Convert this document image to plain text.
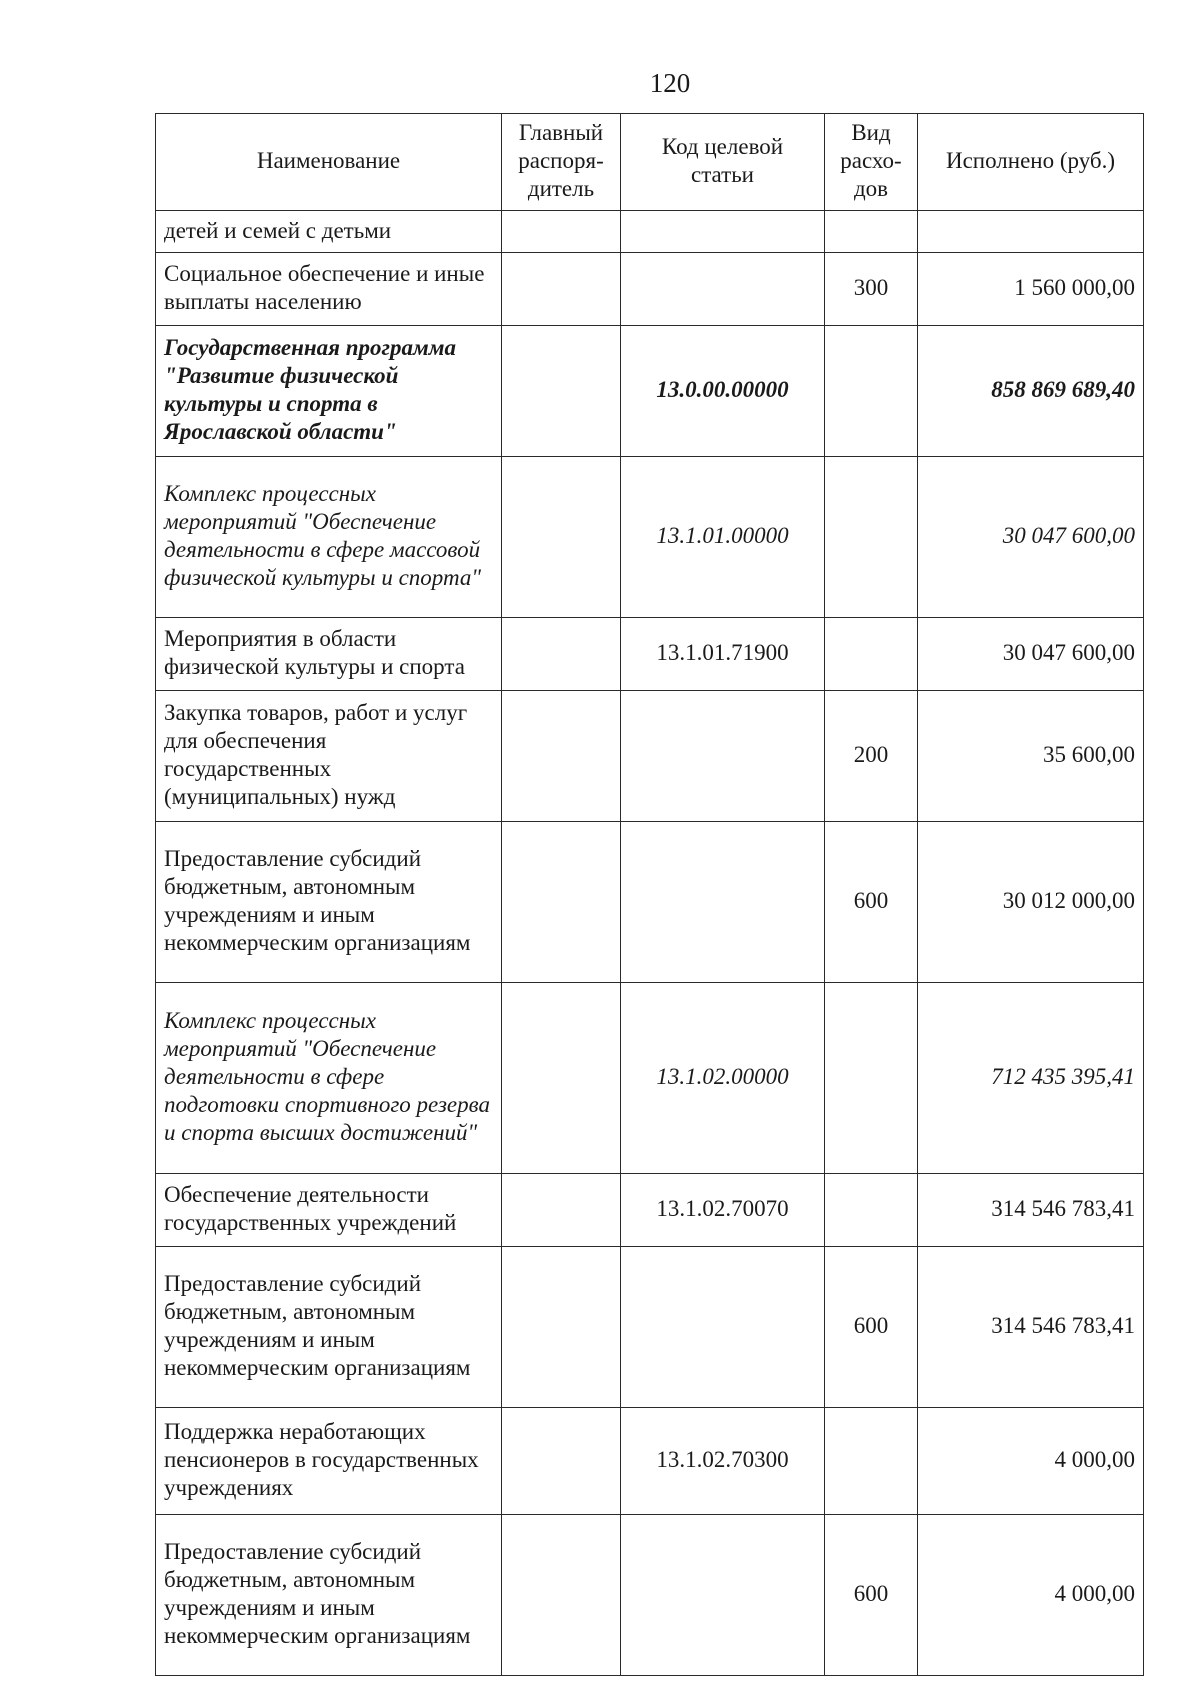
120
Наименование	Главный распоря-дитель	Код целевой статьи	Вид расхо-дов	Исполнено (руб.)
детей и семей с детьми				
Социальное обеспечение и иные выплаты населению			300	1 560 000,00
Государственная программа "Развитие физической культуры и спорта в Ярославской области"		13.0.00.00000		858 869 689,40
Комплекс процессных мероприятий "Обеспечение деятельности в сфере массовой физической культуры и спорта"		13.1.01.00000		30 047 600,00
Мероприятия в области физической культуры и спорта		13.1.01.71900		30 047 600,00
Закупка товаров, работ и услуг для обеспечения государственных (муниципальных) нужд			200	35 600,00
Предоставление субсидий бюджетным, автономным учреждениям и иным некоммерческим организациям			600	30 012 000,00
Комплекс процессных мероприятий "Обеспечение деятельности в сфере подготовки спортивного резерва и спорта высших достижений"		13.1.02.00000		712 435 395,41
Обеспечение деятельности государственных учреждений		13.1.02.70070		314 546 783,41
Предоставление субсидий бюджетным, автономным учреждениям и иным некоммерческим организациям			600	314 546 783,41
Поддержка неработающих пенсионеров в государственных учреждениях		13.1.02.70300		4 000,00
Предоставление субсидий бюджетным, автономным учреждениям и иным некоммерческим организациям			600	4 000,00
